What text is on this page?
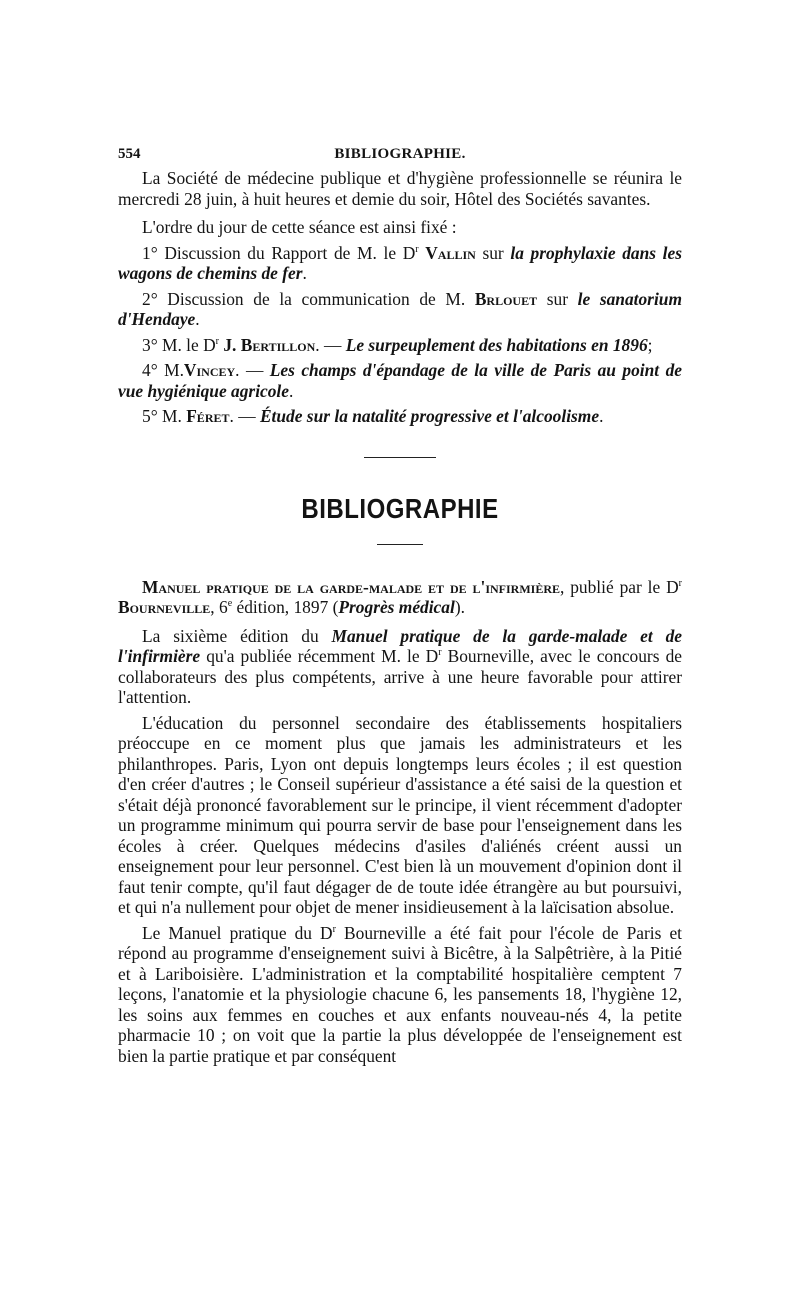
554	BIBLIOGRAPHIE.

La Société de médecine publique et d'hygiène professionnelle se réunira le mercredi 28 juin, à huit heures et demie du soir, Hôtel des Sociétés savantes.

L'ordre du jour de cette séance est ainsi fixé :

1° Discussion du Rapport de M. le $D^r$ Vallin sur la prophylaxie dans les wagons de chemins de fer.

2° Discussion de la communication de M. Brlouet sur le sanatorium d'Hendaye.

3° M. le $D^r$ J. Bertillon. — Le surpeuplement des habitations en 1896;

4° M.Vincey. — Les champs d'épandage de la ville de Paris au point de vue hygiénique agricole.

5° M. Féret. — Étude sur la natalité progressive et l'alcoolisme.

BIBLIOGRAPHIE

Manuel pratique de la garde-malade et de l'infirmière, publié par le $D^r$ Bourneville, 6e édition, 1897 (Progrès médical).

La sixième édition du Manuel pratique de la garde-malade et de l'infirmière qu'a publiée récemment M. le $D^r$ Bourneville, avec le concours de collaborateurs des plus compétents, arrive à une heure favorable pour attirer l'attention.

L'éducation du personnel secondaire des établissements hospitaliers préoccupe en ce moment plus que jamais les administrateurs et les philanthropes. Paris, Lyon ont depuis longtemps leurs écoles ; il est question d'en créer d'autres ; le Conseil supérieur d'assistance a été saisi de la question et s'était déjà prononcé favorablement sur le principe, il vient récemment d'adopter un programme minimum qui pourra servir de base pour l'enseignement dans les écoles à créer. Quelques médecins d'asiles d'aliénés créent aussi un enseignement pour leur personnel. C'est bien là un mouvement d'opinion dont il faut tenir compte, qu'il faut dégager de de toute idée étrangère au but poursuivi, et qui n'a nullement pour objet de mener insidieusement à la laïcisation absolue.

Le Manuel pratique du $D^r$ Bourneville a été fait pour l'école de Paris et répond au programme d'enseignement suivi à Bicêtre, à la Salpêtrière, à la Pitié et à Lariboisière. L'administration et la comptabilité hospitalière cemptent 7 leçons, l'anatomie et la physiologie chacune 6, les pansements 18, l'hygiène 12, les soins aux femmes en couches et aux enfants nouveau-nés 4, la petite pharmacie 10 ; on voit que la partie la plus développée de l'enseignement est bien la partie pratique et par conséquent
